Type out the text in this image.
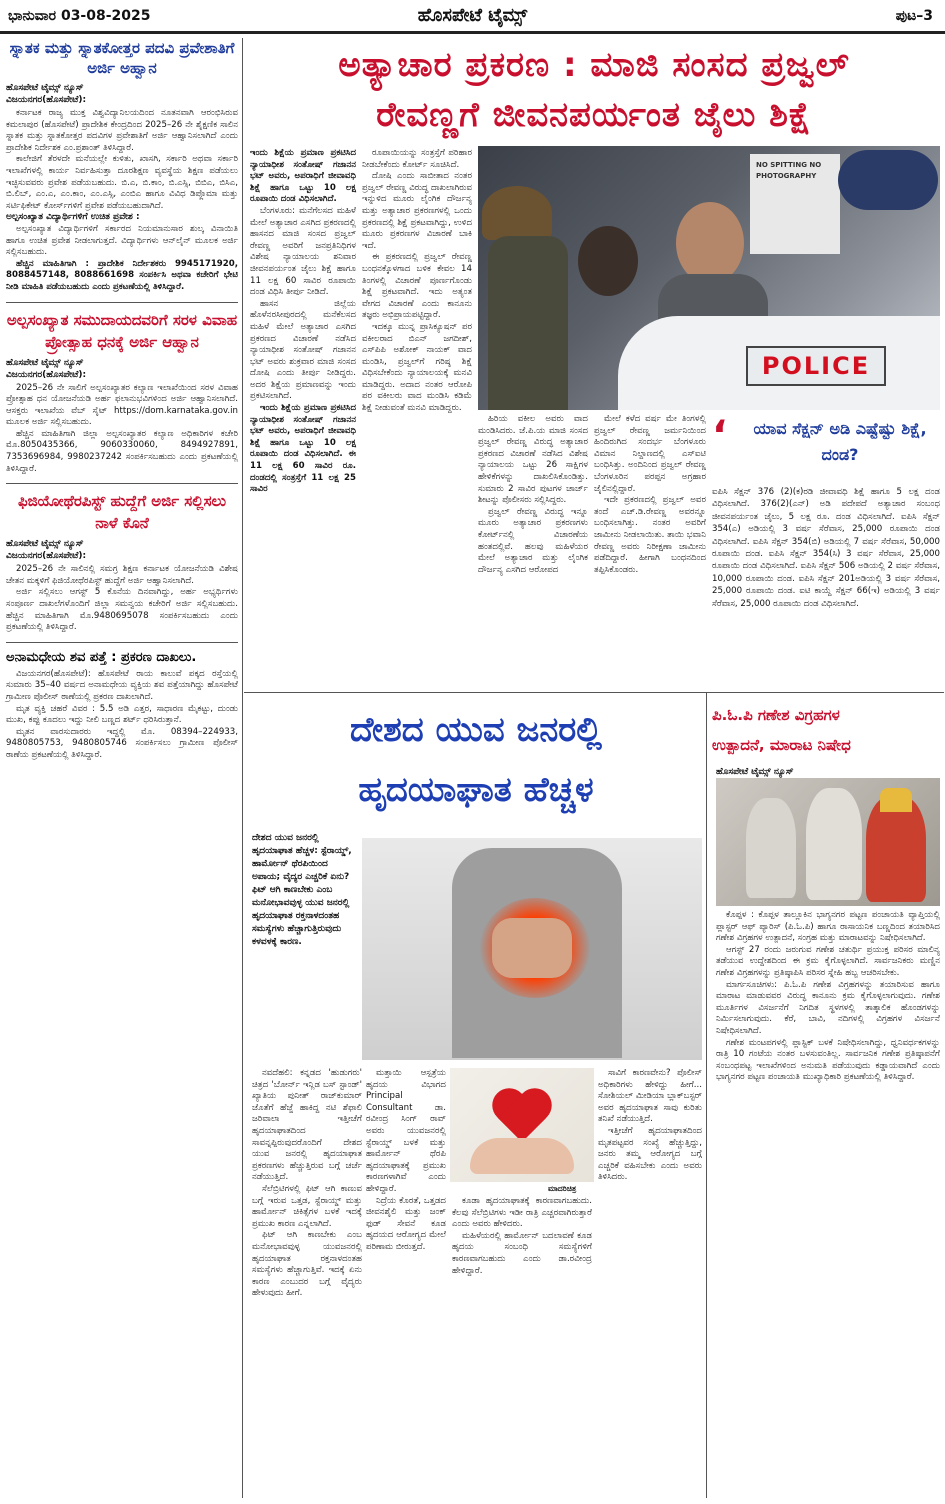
ಭಾನುವಾರ 03-08-2025	ಹೊಸಪೇಟೆ ಟೈಮ್ಸ್	ಪುಟ–3
ಸ್ನಾತಕ ಮತ್ತು ಸ್ನಾತಕೋತ್ತರ ಪದವಿ ಪ್ರವೇಶಾತಿಗೆ ಅರ್ಜಿ ಅಹ್ವಾನ
ಹೊಸಪೇಟೆ ಟೈಮ್ಸ್ ನ್ಯೂಸ್
ವಿಜಯನಗರ(ಹೊಸಪೇಟೆ):

ಕರ್ನಾಟಕ ರಾಜ್ಯ ಮುಕ್ತ ವಿಶ್ವವಿದ್ಯಾನಿಲಯದಿಂದ ನೂತನವಾಗಿ ಆರಂಭಿಸಿರುವ ಕಮಲಾಪುರ (ಹೊಸಪೇಟೆ) ಪ್ರಾದೇಶಿಕ ಕೇಂದ್ರದಿಂದ 2025–26 ನೇ ಶೈಕ್ಷಣಿಕ ಸಾಲಿನ ಸ್ನಾತಕ ಮತ್ತು ಸ್ನಾತಕೋತ್ತರ ಪದವಿಗಳ ಪ್ರವೇಶಾತಿಗೆ ಅರ್ಜಿ ಆಹ್ವಾನಿಸಲಾಗಿದೆ ಎಂದು ಪ್ರಾದೇಶಿಕ ನಿರ್ದೇಶಕ ಎಂ.ಪ್ರಶಾಂತ್ ತಿಳಿಸಿದ್ದಾರೆ.

ಕಾಲೇಜಿಗೆ ತೆರಳದೇ ಮನೆಯಲ್ಲೇ ಕುಳಿತು, ಖಾಸಗಿ, ಸರ್ಕಾರಿ ಅಥವಾ ಸರ್ಕಾರಿ ಇಲಾಖೆಗಳಲ್ಲಿ ಕಾರ್ಯ ನಿರ್ವಹಿಸುತ್ತಾ ದೂರಶಿಕ್ಷಣ ವ್ಯವಸ್ಥೆಯ ಶಿಕ್ಷಣ ಪಡೆಯಲು ಇಚ್ಛಿಸುವವರು ಪ್ರವೇಶ ಪಡೆಯಬಹುದು. ಬಿ.ಎ, ಬಿ.ಕಾಂ, ಬಿ.ಎಸ್ಸಿ, ಬಿಬಿಎ, ಬಿಸಿಎ, ಬಿ.ಲಿಬ್, ಎಂ.ಎ, ಎಂ.ಕಾಂ, ಎಂ.ಎಸ್ಸಿ, ಎಂಬಿಎ ಹಾಗೂ ವಿವಿಧ ಡಿಪ್ಲೊಮಾ ಮತ್ತು ಸರ್ಟಿಫಿಕೇಟ್ ಕೋರ್ಸ್‌ಗಳಿಗೆ ಪ್ರವೇಶ ಪಡೆಯಬಹುದಾಗಿದೆ.

ಅಲ್ಪಸಂಖ್ಯಾತ ವಿದ್ಯಾರ್ಥಿಗಳಿಗೆ ಉಚಿತ ಪ್ರವೇಶ :

ಅಲ್ಪಸಂಖ್ಯಾತ ವಿದ್ಯಾರ್ಥಿಗಳಿಗೆ ಸರ್ಕಾರದ ನಿಯಮಾನುಸಾರ ಶುಲ್ಕ ವಿನಾಯಿತಿ ಹಾಗೂ ಉಚಿತ ಪ್ರವೇಶ ನೀಡಲಾಗುತ್ತದೆ. ವಿದ್ಯಾರ್ಥಿಗಳು ಆನ್‌ಲೈನ್ ಮೂಲಕ ಅರ್ಜಿ ಸಲ್ಲಿಸಬಹುದು.

ಹೆಚ್ಚಿನ ಮಾಹಿತಿಗಾಗಿ : ಪ್ರಾದೇಶಿಕ ನಿರ್ದೇಶಕರು 9945171920, 8088457148, 8088661698 ಸಂಪರ್ಕಿಸಿ ಅಥವಾ ಕಚೇರಿಗೆ ಭೇಟಿ ನೀಡಿ ಮಾಹಿತಿ ಪಡೆಯಬಹುದು ಎಂದು ಪ್ರಕಟಣೆಯಲ್ಲಿ ತಿಳಿಸಿದ್ದಾರೆ.

ಅಲ್ಪಸಂಖ್ಯಾತ ಸಮುದಾಯದವರಿಗೆ ಸರಳ ವಿವಾಹ ಪ್ರೋತ್ಸಾಹ ಧನಕ್ಕೆ ಅರ್ಜಿ ಆಹ್ವಾನ
ಹೊಸಪೇಟೆ ಟೈಮ್ಸ್ ನ್ಯೂಸ್
ವಿಜಯನಗರ(ಹೊಸಪೇಟೆ):

2025–26 ನೇ ಸಾಲಿಗೆ ಅಲ್ಪಸಂಖ್ಯಾತರ ಕಲ್ಯಾಣ ಇಲಾಖೆಯಿಂದ ಸರಳ ವಿವಾಹ ಪ್ರೋತ್ಸಾಹ ಧನ ಯೋಜನೆಯಡಿ ಅರ್ಹ ಫಲಾನುಭವಿಗಳಿಂದ ಅರ್ಜಿ ಆಹ್ವಾನಿಸಲಾಗಿದೆ. ಆಸಕ್ತರು ಇಲಾಖೆಯ ವೆಬ್ ಸೈಟ್ https://dom.karnataka.gov.in ಮೂಲಕ ಅರ್ಜಿ ಸಲ್ಲಿಸಬಹುದು.

ಹೆಚ್ಚಿನ ಮಾಹಿತಿಗಾಗಿ ಜಿಲ್ಲಾ ಅಲ್ಪಸಂಖ್ಯಾತರ ಕಲ್ಯಾಣ ಅಧಿಕಾರಿಗಳ ಕಚೇರಿ ಮೊ.8050435366, 9060330060, 8494927891, 7353696984, 9980237242 ಸಂಪರ್ಕಿಸಬಹುದು ಎಂದು ಪ್ರಕಟಣೆಯಲ್ಲಿ ತಿಳಿಸಿದ್ದಾರೆ.

ಫಿಜಿಯೋಥೆರಪಿಸ್ಟ್ ಹುದ್ದೆಗೆ ಅರ್ಜಿ ಸಲ್ಲಿಸಲು ನಾಳೆ ಕೊನೆ
ಹೊಸಪೇಟೆ ಟೈಮ್ಸ್ ನ್ಯೂಸ್
ವಿಜಯನಗರ(ಹೊಸಪೇಟೆ):

2025–26 ನೇ ಸಾಲಿನಲ್ಲಿ ಸಮಗ್ರ ಶಿಕ್ಷಣ ಕರ್ನಾಟಕ ಯೋಜನೆಯಡಿ ವಿಶೇಷ ಚೇತನ ಮಕ್ಕಳಿಗೆ ಫಿಜಿಯೋಥೆರಪಿಸ್ಟ್ ಹುದ್ದೆಗೆ ಅರ್ಜಿ ಆಹ್ವಾನಿಸಲಾಗಿದೆ.

ಅರ್ಜಿ ಸಲ್ಲಿಸಲು ಆಗಸ್ಟ್ 5 ಕೊನೆಯ ದಿನವಾಗಿದ್ದು, ಅರ್ಹ ಅಭ್ಯರ್ಥಿಗಳು ಸಂಪೂರ್ಣ ದಾಖಲೆಗಳೊಂದಿಗೆ ಜಿಲ್ಲಾ ಸಮನ್ವಯ ಕಚೇರಿಗೆ ಅರ್ಜಿ ಸಲ್ಲಿಸಬಹುದು. ಹೆಚ್ಚಿನ ಮಾಹಿತಿಗಾಗಿ ಮೊ.9480695078 ಸಂಪರ್ಕಿಸಬಹುದು ಎಂದು ಪ್ರಕಟಣೆಯಲ್ಲಿ ತಿಳಿಸಿದ್ದಾರೆ.

ಅನಾಮಧೇಯ ಶವ ಪತ್ತೆ : ಪ್ರಕರಣ ದಾಖಲು.

ವಿಜಯನಗರ(ಹೊಸಪೇಟೆ): ಹೊಸಪೇಟೆ ರಾಯ ಕಾಲುವೆ ಪಕ್ಕದ ರಸ್ತೆಯಲ್ಲಿ ಸುಮಾರು 35–40 ವರ್ಷದ ಅನಾಮಧೇಯ ವ್ಯಕ್ತಿಯ ಶವ ಪತ್ತೆಯಾಗಿದ್ದು ಹೊಸಪೇಟೆ ಗ್ರಾಮೀಣ ಪೊಲೀಸ್ ಠಾಣೆಯಲ್ಲಿ ಪ್ರಕರಣ ದಾಖಲಾಗಿದೆ.

ಮೃತ ವ್ಯಕ್ತಿ ಚಹರೆ ವಿವರ : 5.5 ಅಡಿ ಎತ್ತರ, ಸಾಧಾರಣ ಮೈಕಟ್ಟು, ದುಂಡು ಮುಖ, ಕಪ್ಪು ಕೂದಲು ಇದ್ದು ನೀಲಿ ಬಣ್ಣದ ಶರ್ಟ್ ಧರಿಸಿರುತ್ತಾನೆ.

ಮೃತನ ವಾರಸುದಾರರು ಇದ್ದಲ್ಲಿ ಮೊ. 08394–224933, 9480805753, 9480805746 ಸಂಪರ್ಕಿಸಲು ಗ್ರಾಮೀಣ ಪೊಲೀಸ್ ಠಾಣೆಯ ಪ್ರಕಟಣೆಯಲ್ಲಿ ತಿಳಿಸಿದ್ದಾರೆ.

ಅತ್ಯಾಚಾರ ಪ್ರಕರಣ : ಮಾಜಿ ಸಂಸದ ಪ್ರಜ್ವಲ್
ರೇವಣ್ಣಗೆ ಜೀವನಪರ್ಯಂತ ಜೈಲು ಶಿಕ್ಷೆ

ಇಂದು ಶಿಕ್ಷೆಯ ಪ್ರಮಾಣ ಪ್ರಕಟಿಸಿದ ನ್ಯಾಯಾಧೀಶ ಸಂತೋಷ್ ಗಜಾನನ ಭಟ್ ಅವರು, ಅಪರಾಧಿಗೆ ಜೀವಾವಧಿ ಶಿಕ್ಷೆ ಹಾಗೂ ಒಟ್ಟು 10 ಲಕ್ಷ ರೂಪಾಯಿ ದಂಡ ವಿಧಿಸಲಾಗಿದೆ.

ಬೆಂಗಳೂರು: ಮನೆಗೆಲಸದ ಮಹಿಳೆ ಮೇಲೆ ಅತ್ಯಾಚಾರ ಎಸಗಿದ ಪ್ರಕರಣದಲ್ಲಿ ಹಾಸನದ ಮಾಜಿ ಸಂಸದ ಪ್ರಜ್ವಲ್ ರೇವಣ್ಣ ಅವರಿಗೆ ಜನಪ್ರತಿನಿಧಿಗಳ ವಿಶೇಷ ನ್ಯಾಯಾಲಯ ಶನಿವಾರ ಜೀವನಪರ್ಯಂತ ಜೈಲು ಶಿಕ್ಷೆ ಹಾಗೂ 11 ಲಕ್ಷ 60 ಸಾವಿರ ರೂಪಾಯಿ ದಂಡ ವಿಧಿಸಿ ತೀರ್ಪು ನೀಡಿದೆ.

ಹಾಸನ ಜಿಲ್ಲೆಯ ಹೊಳೆನರಸೀಪುರದಲ್ಲಿ ಮನೆಕೆಲಸದ ಮಹಿಳೆ ಮೇಲೆ ಅತ್ಯಾಚಾರ ಎಸಗಿದ ಪ್ರಕರಣದ ವಿಚಾರಣೆ ನಡೆಸಿದ ನ್ಯಾಯಾಧೀಶ ಸಂತೋಷ್ ಗಜಾನನ ಭಟ್ ಅವರು ಶುಕ್ರವಾರ ಮಾಜಿ ಸಂಸದ ದೋಷಿ ಎಂದು ತೀರ್ಪು ನೀಡಿದ್ದರು. ಅದರ ಶಿಕ್ಷೆಯ ಪ್ರಮಾಣವನ್ನು ಇಂದು ಪ್ರಕಟಿಸಲಾಗಿದೆ.

ಇಂದು ಶಿಕ್ಷೆಯ ಪ್ರಮಾಣ ಪ್ರಕಟಿಸಿದ ನ್ಯಾಯಾಧೀಶ ಸಂತೋಷ್ ಗಜಾನನ ಭಟ್ ಅವರು, ಅಪರಾಧಿಗೆ ಜೀವಾವಧಿ ಶಿಕ್ಷೆ ಹಾಗೂ ಒಟ್ಟು 10 ಲಕ್ಷ ರೂಪಾಯಿ ದಂಡ ವಿಧಿಸಲಾಗಿದೆ. ಈ 11 ಲಕ್ಷ 60 ಸಾವಿರ ರೂ. ದಂಡದಲ್ಲಿ ಸಂತ್ರಸ್ತೆಗೆ 11 ಲಕ್ಷ 25 ಸಾವಿರ

ರೂಪಾಯಿಯನ್ನು ಸಂತ್ರಸ್ತೆಗೆ ಪರಿಹಾರ ನೀಡಬೇಕೆಂದು ಕೋರ್ಟ್ ಸೂಚಿಸಿದೆ.

ದೋಷಿ ಎಂದು ಸಾಬೀತಾದ ನಂತರ ಪ್ರಜ್ವಲ್ ರೇವಣ್ಣ ವಿರುದ್ಧ ದಾಖಲಾಗಿರುವ ಇನ್ನುಳಿದ ಮೂರು ಲೈಂಗಿಕ ದೌರ್ಜನ್ಯ ಮತ್ತು ಅತ್ಯಾಚಾರ ಪ್ರಕರಣಗಳಲ್ಲಿ ಒಂದು ಪ್ರಕರಣದಲ್ಲಿ ಶಿಕ್ಷೆ ಪ್ರಕಟವಾಗಿದ್ದು, ಉಳಿದ ಮೂರು ಪ್ರಕರಣಗಳ ವಿಚಾರಣೆ ಬಾಕಿ ಇದೆ.

ಈ ಪ್ರಕರಣದಲ್ಲಿ ಪ್ರಜ್ವಲ್ ರೇವಣ್ಣ ಬಂಧನಕ್ಕೊಳಗಾದ ಬಳಿಕ ಕೇವಲ 14 ತಿಂಗಳಲ್ಲಿ ವಿಚಾರಣೆ ಪೂರ್ಣಗೊಂಡು ಶಿಕ್ಷೆ ಪ್ರಕಟವಾಗಿದೆ. ಇದು ಅತ್ಯಂತ ವೇಗದ ವಿಚಾರಣೆ ಎಂದು ಕಾನೂನು ತಜ್ಞರು ಅಭಿಪ್ರಾಯಪಟ್ಟಿದ್ದಾರೆ.

ಇದಕ್ಕೂ ಮುನ್ನ ಪ್ರಾಸಿಕ್ಯೂಷನ್ ಪರ ವಕೀಲರಾದ ಬಿಎನ್ ಜಗದೀಶ್, ಎಸ್‌ಪಿಪಿ ಅಶೋಕ್ ನಾಯಕ್ ವಾದ ಮಂಡಿಸಿ, ಪ್ರಜ್ವಲ್‌ಗೆ ಗರಿಷ್ಠ ಶಿಕ್ಷೆ ವಿಧಿಸಬೇಕೆಂದು ನ್ಯಾಯಾಲಯಕ್ಕೆ ಮನವಿ ಮಾಡಿದ್ದರು. ಅದಾದ ನಂತರ ಆರೋಪಿ ಪರ ವಕೀಲರು ವಾದ ಮಂಡಿಸಿ ಕಡಿಮೆ ಶಿಕ್ಷೆ ನೀಡುವಂತೆ ಮನವಿ ಮಾಡಿದ್ದರು.

NO SPITTING NO PHOTOGRAPHY
POLICE

ಹಿರಿಯ ವಕೀಲ ಅವರು ವಾದ ಮಂಡಿಸಿದರು. ಜೆ.ಪಿ.ಯ ಮಾಜಿ ಸಂಸದ ಪ್ರಜ್ವಲ್ ರೇವಣ್ಣ ವಿರುದ್ಧ ಅತ್ಯಾಚಾರ ಪ್ರಕರಣದ ವಿಚಾರಣೆ ನಡೆಸಿದ ವಿಶೇಷ ನ್ಯಾಯಾಲಯ ಒಟ್ಟು 26 ಸಾಕ್ಷಿಗಳ ಹೇಳಿಕೆಗಳನ್ನು ದಾಖಲಿಸಿಕೊಂಡಿತ್ತು. ಸುಮಾರು 2 ಸಾವಿರ ಪುಟಗಳ ಚಾರ್ಜ್ ಶೀಟನ್ನು ಪೊಲೀಸರು ಸಲ್ಲಿಸಿದ್ದರು.

ಪ್ರಜ್ವಲ್ ರೇವಣ್ಣ ವಿರುದ್ಧ ಇನ್ನೂ ಮೂರು ಅತ್ಯಾಚಾರ ಪ್ರಕರಣಗಳು ಕೋರ್ಟ್‌ನಲ್ಲಿ ವಿಚಾರಣೆಯ ಹಂತದಲ್ಲಿವೆ. ಹಲವು ಮಹಿಳೆಯರ ಮೇಲೆ ಅತ್ಯಾಚಾರ ಮತ್ತು ಲೈಂಗಿಕ ದೌರ್ಜನ್ಯ ಎಸಗಿದ ಆರೋಪದ

ಮೇಲೆ ಕಳೆದ ವರ್ಷ ಮೇ ತಿಂಗಳಲ್ಲಿ ಪ್ರಜ್ವಲ್ ರೇವಣ್ಣ ಜರ್ಮನಿಯಿಂದ ಹಿಂದಿರುಗಿದ ಸಂದರ್ಭ ಬೆಂಗಳೂರು ವಿಮಾನ ನಿಲ್ದಾಣದಲ್ಲಿ ಎಸ್‌ಐಟಿ ಬಂಧಿಸಿತ್ತು. ಅಂದಿನಿಂದ ಪ್ರಜ್ವಲ್ ರೇವಣ್ಣ ಬೆಂಗಳೂರಿನ ಪರಪ್ಪನ ಅಗ್ರಹಾರ ಜೈಲಿನಲ್ಲಿದ್ದಾರೆ.

ಇದೇ ಪ್ರಕರಣದಲ್ಲಿ ಪ್ರಜ್ವಲ್ ಅವರ ತಂದೆ ಎಚ್.ಡಿ.ರೇವಣ್ಣ ಅವರನ್ನೂ ಬಂಧಿಸಲಾಗಿತ್ತು. ನಂತರ ಅವರಿಗೆ ಜಾಮೀನು ನೀಡಲಾಯಿತು. ತಾಯಿ ಭವಾನಿ ರೇವಣ್ಣ ಅವರು ನಿರೀಕ್ಷಣಾ ಜಾಮೀನು ಪಡೆದಿದ್ದಾರೆ. ಹೀಗಾಗಿ ಬಂಧನದಿಂದ ತಪ್ಪಿಸಿಕೊಂಡರು.

‘	ಯಾವ ಸೆಕ್ಷನ್ ಅಡಿ ಎಷ್ಟೆಷ್ಟು ಶಿಕ್ಷೆ, ದಂಡ?
ಐಪಿಸಿ ಸೆಕ್ಷನ್ 376 (2)(ಕ)ರಡಿ ಜೀವಾವಧಿ ಶಿಕ್ಷೆ ಹಾಗೂ 5 ಲಕ್ಷ ದಂಡ ವಿಧಿಸಲಾಗಿದೆ. 376(2)(ಎನ್) ಅಡಿ ಪದೇಪದೆ ಅತ್ಯಾಚಾರ ಸಂಬಂಧ ಜೀವನಪರ್ಯಂತ ಜೈಲು, 5 ಲಕ್ಷ ರೂ. ದಂಡ ವಿಧಿಸಲಾಗಿದೆ. ಐಪಿಸಿ ಸೆಕ್ಷನ್ 354(ಎ) ಅಡಿಯಲ್ಲಿ 3 ವರ್ಷ ಸೆರೆವಾಸ, 25,000 ರೂಪಾಯಿ ದಂಡ ವಿಧಿಸಲಾಗಿದೆ. ಐಪಿಸಿ ಸೆಕ್ಷನ್ 354(ಬಿ) ಅಡಿಯಲ್ಲಿ 7 ವರ್ಷ ಸೆರೆವಾಸ, 50,000 ರೂಪಾಯಿ ದಂಡ. ಐಪಿಸಿ ಸೆಕ್ಷನ್ 354(ಸಿ) 3 ವರ್ಷ ಸೆರೆವಾಸ, 25,000 ರೂಪಾಯಿ ದಂಡ ವಿಧಿಸಲಾಗಿದೆ. ಐಪಿಸಿ ಸೆಕ್ಷನ್ 506 ಅಡಿಯಲ್ಲಿ 2 ವರ್ಷ ಸೆರೆವಾಸ, 10,000 ರೂಪಾಯಿ ದಂಡ. ಐಪಿಸಿ ಸೆಕ್ಷನ್ 201ಅಡಿಯಲ್ಲಿ 3 ವರ್ಷ ಸೆರೆವಾಸ, 25,000 ರೂಪಾಯಿ ದಂಡ. ಐಟಿ ಕಾಯ್ದೆ ಸೆಕ್ಷನ್ 66(ಇ) ಅಡಿಯಲ್ಲಿ 3 ವರ್ಷ ಸೆರೆವಾಸ, 25,000 ರೂಪಾಯಿ ದಂಡ ವಿಧಿಸಲಾಗಿದೆ.
ದೇಶದ ಯುವ ಜನರಲ್ಲಿ
ಹೃದಯಾಘಾತ ಹೆಚ್ಚಳ
ದೇಶದ ಯುವ ಜನರಲ್ಲಿ ಹೃದಯಾಘಾತ ಹೆಚ್ಚಳ: ಸ್ಟೆರಾಯ್ಡ್, ಹಾರ್ಮೋನ್ ಥೆರಪಿಯಿಂದ ಅಪಾಯ; ವೈದ್ಯರ ಎಚ್ಚರಿಕೆ ಏನು? ಫಿಟ್ ಆಗಿ ಕಾಣಬೇಕು ಎಂಬ ಮನೋಭಾವವುಳ್ಳ ಯುವ ಜನರಲ್ಲಿ ಹೃದಯಾಘಾತ ರಕ್ತನಾಳದಂತಹ ಸಮಸ್ಯೆಗಳು ಹೆಚ್ಚಾಗುತ್ತಿರುವುದು ಕಳವಳಕ್ಕೆ ಕಾರಣ.

ನವದೆಹಲಿ: ಕನ್ನಡದ 'ಹುಡುಗರು' ಚಿತ್ರದ 'ಬೋರ್ನ್ ಇನ್ಲಿಡ ಬಸ್ ಸ್ಟಾಂಡ್' ಖ್ಯಾತಿಯ ಪುನೀತ್ ರಾಜ್‌ಕುಮಾರ್ ಜೊತೆಗೆ ಹೆಜ್ಜೆ ಹಾಕಿದ್ದ ನಟಿ ಶೆಫಾಲಿ ಜರಿವಾಲಾ ಇತ್ತೀಚೆಗೆ ಹೃದಯಾಘಾತದಿಂದ ಸಾವನ್ನಪ್ಪಿರುವುದರೊಂದಿಗೆ ದೇಶದ ಯುವ ಜನರಲ್ಲಿ ಹೃದಯಾಘಾತ ಪ್ರಕರಣಗಳು ಹೆಚ್ಚುತ್ತಿರುವ ಬಗ್ಗೆ ಚರ್ಚೆ ನಡೆಯುತ್ತಿದೆ.

ಸೆಲೆಬ್ರಿಟಿಗಳಲ್ಲಿ ಫಿಟ್ ಆಗಿ ಕಾಣುವ ಬಗ್ಗೆ ಇರುವ ಒತ್ತಡ, ಸ್ಟೆರಾಯ್ಡ್ ಮತ್ತು ಹಾರ್ಮೋನ್ ಚಿಕಿತ್ಸೆಗಳ ಬಳಕೆ ಇದಕ್ಕೆ ಪ್ರಮುಖ ಕಾರಣ ಎನ್ನಲಾಗಿದೆ.

ಫಿಟ್ ಆಗಿ ಕಾಣಬೇಕು ಎಂಬ ಮನೋಭಾವವುಳ್ಳ ಯುವಜನರಲ್ಲಿ ಹೃದಯಾಘಾತ ರಕ್ತನಾಳದಂತಹ ಸಮಸ್ಯೆಗಳು ಹೆಚ್ಚಾಗುತ್ತಿವೆ. ಇದಕ್ಕೆ ಏನು ಕಾರಣ ಎಂಬುದರ ಬಗ್ಗೆ ವೈದ್ಯರು ಹೇಳುವುದು ಹೀಗೆ.

ಮತ್ತಾಯಿ ಆಸ್ಪತ್ರೆಯ ಹೃದಯ ವಿಭಾಗದ Principal Consultant ಡಾ. ರವೀಂದ್ರ ಸಿಂಗ್ ರಾವ್ ಅವರು ಯುವಜನರಲ್ಲಿ ಸ್ಟೆರಾಯ್ಡ್ ಬಳಕೆ ಮತ್ತು ಹಾರ್ಮೋನ್ ಥೆರಪಿ ಹೃದಯಾಘಾತಕ್ಕೆ ಪ್ರಮುಖ ಕಾರಣಗಳಾಗಿವೆ ಎಂದು ಹೇಳಿದ್ದಾರೆ.

ನಿದ್ರೆಯ ಕೊರತೆ, ಒತ್ತಡದ ಜೀವನಶೈಲಿ ಮತ್ತು ಜಂಕ್ ಫುಡ್ ಸೇವನೆ ಕೂಡ ಹೃದಯದ ಆರೋಗ್ಯದ ಮೇಲೆ ಪರಿಣಾಮ ಬೀರುತ್ತದೆ.

ಮಾದರಿಚಿತ್ರ

ಕೂಡಾ ಹೃದಯಾಘಾತಕ್ಕೆ ಕಾರಣವಾಗಬಹುದು. ಕೆಲವು ಸೆಲೆಬ್ರಿಟಿಗಳು ಇಡೀ ರಾತ್ರಿ ಎಚ್ಚರವಾಗಿರುತ್ತಾರೆ ಎಂದು ಅವರು ಹೇಳಿದರು.

ಮಹಿಳೆಯರಲ್ಲಿ ಹಾರ್ಮೋನ್ ಬದಲಾವಣೆ ಕೂಡ ಹೃದಯ ಸಂಬಂಧಿ ಸಮಸ್ಯೆಗಳಿಗೆ ಕಾರಣವಾಗಬಹುದು ಎಂದು ಡಾ.ರವೀಂದ್ರ ಹೇಳಿದ್ದಾರೆ.

ಸಾವಿಗೆ ಕಾರಣವೇನು? ಪೊಲೀಸ್ ಅಧಿಕಾರಿಗಳು ಹೇಳಿದ್ದು ಹೀಗೆ... ಸೋಶಿಯಲ್ ಮೀಡಿಯಾ ಬ್ಲಾಕ್‌ಬಸ್ಟರ್ ಅವರ ಹೃದಯಾಘಾತ ಸಾವು ಕುರಿತು ತನಿಖೆ ನಡೆಯುತ್ತಿದೆ.

ಇತ್ತೀಚೆಗೆ ಹೃದಯಾಘಾತದಿಂದ ಮೃತಪಟ್ಟವರ ಸಂಖ್ಯೆ ಹೆಚ್ಚುತ್ತಿದ್ದು, ಜನರು ತಮ್ಮ ಆರೋಗ್ಯದ ಬಗ್ಗೆ ಎಚ್ಚರಿಕೆ ವಹಿಸಬೇಕು ಎಂದು ಅವರು ತಿಳಿಸಿದರು.

ಪಿ.ಓ.ಪಿ ಗಣೇಶ ವಿಗ್ರಹಗಳ
ಉತ್ಪಾದನೆ, ಮಾರಾಟ ನಿಷೇಧ
ಹೊಸಪೇಟೆ ಟೈಮ್ಸ್ ನ್ಯೂಸ್

ಕೊಪ್ಪಳ : ಕೊಪ್ಪಳ ತಾಲ್ಲೂಕಿನ ಭಾಗ್ಯನಗರ ಪಟ್ಟಣ ಪಂಚಾಯತಿ ವ್ಯಾಪ್ತಿಯಲ್ಲಿ ಪ್ಲಾಸ್ಟರ್ ಆಫ್ ಪ್ಯಾರಿಸ್ (ಪಿ.ಓ.ಪಿ) ಹಾಗೂ ರಾಸಾಯನಿಕ ಬಣ್ಣದಿಂದ ತಯಾರಿಸಿದ ಗಣೇಶ ವಿಗ್ರಹಗಳ ಉತ್ಪಾದನೆ, ಸಂಗ್ರಹ ಮತ್ತು ಮಾರಾಟವನ್ನು ನಿಷೇಧಿಸಲಾಗಿದೆ.

ಆಗಸ್ಟ್ 27 ರಂದು ಜರುಗುವ ಗಣೇಶ ಚತುರ್ಥಿ ಪ್ರಯುಕ್ತ ಪರಿಸರ ಮಾಲಿನ್ಯ ತಡೆಯುವ ಉದ್ದೇಶದಿಂದ ಈ ಕ್ರಮ ಕೈಗೊಳ್ಳಲಾಗಿದೆ. ಸಾರ್ವಜನಿಕರು ಮಣ್ಣಿನ ಗಣೇಶ ವಿಗ್ರಹಗಳನ್ನು ಪ್ರತಿಷ್ಠಾಪಿಸಿ ಪರಿಸರ ಸ್ನೇಹಿ ಹಬ್ಬ ಆಚರಿಸಬೇಕು.

ಮಾರ್ಗಸೂಚಿಗಳು: ಪಿ.ಓ.ಪಿ ಗಣೇಶ ವಿಗ್ರಹಗಳನ್ನು ತಯಾರಿಸುವ ಹಾಗೂ ಮಾರಾಟ ಮಾಡುವವರ ವಿರುದ್ಧ ಕಾನೂನು ಕ್ರಮ ಕೈಗೊಳ್ಳಲಾಗುವುದು. ಗಣೇಶ ಮೂರ್ತಿಗಳ ವಿಸರ್ಜನೆಗೆ ನಿಗದಿತ ಸ್ಥಳಗಳಲ್ಲಿ ತಾತ್ಕಾಲಿಕ ಹೊಂಡಗಳನ್ನು ನಿರ್ಮಿಸಲಾಗುವುದು. ಕೆರೆ, ಬಾವಿ, ನದಿಗಳಲ್ಲಿ ವಿಗ್ರಹಗಳ ವಿಸರ್ಜನೆ ನಿಷೇಧಿಸಲಾಗಿದೆ.

ಗಣೇಶ ಮಂಟಪಗಳಲ್ಲಿ ಪ್ಲಾಸ್ಟಿಕ್ ಬಳಕೆ ನಿಷೇಧಿಸಲಾಗಿದ್ದು, ಧ್ವನಿವರ್ಧಕಗಳನ್ನು ರಾತ್ರಿ 10 ಗಂಟೆಯ ನಂತರ ಬಳಸುವಂತಿಲ್ಲ. ಸಾರ್ವಜನಿಕ ಗಣೇಶ ಪ್ರತಿಷ್ಠಾಪನೆಗೆ ಸಂಬಂಧಪಟ್ಟ ಇಲಾಖೆಗಳಿಂದ ಅನುಮತಿ ಪಡೆಯುವುದು ಕಡ್ಡಾಯವಾಗಿದೆ ಎಂದು ಭಾಗ್ಯನಗರ ಪಟ್ಟಣ ಪಂಚಾಯತಿ ಮುಖ್ಯಾಧಿಕಾರಿ ಪ್ರಕಟಣೆಯಲ್ಲಿ ತಿಳಿಸಿದ್ದಾರೆ.
